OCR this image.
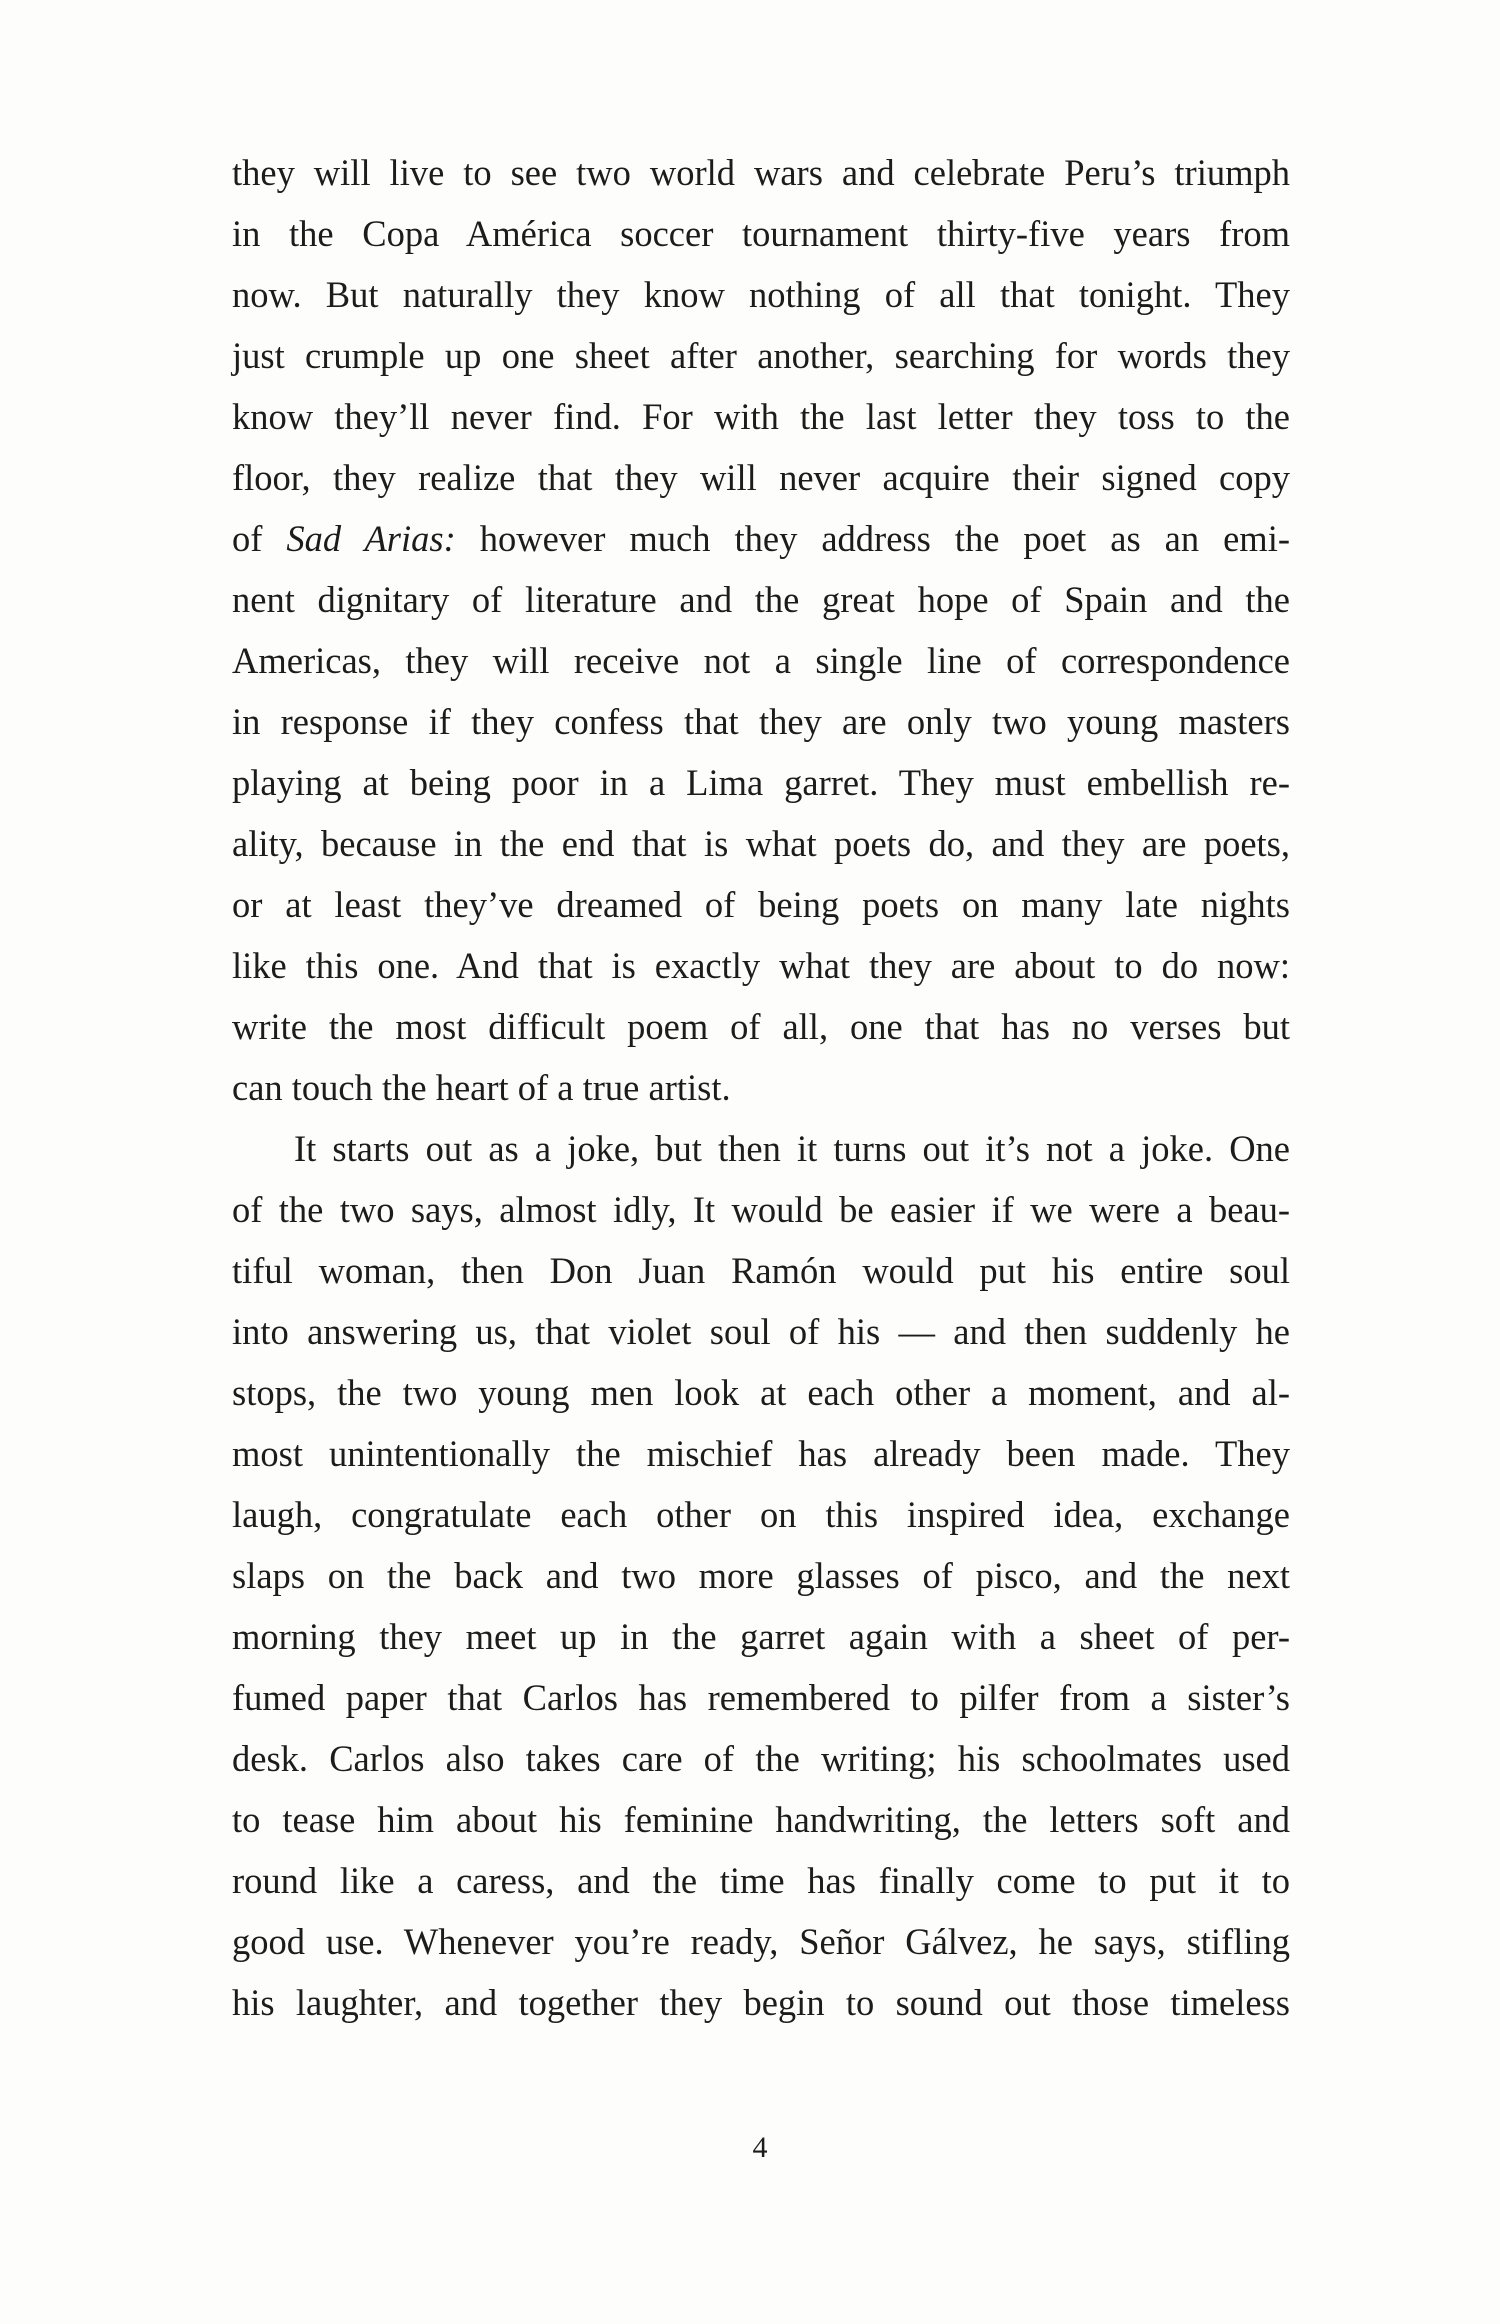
they will live to see two world wars and celebrate Peru’s triumph
in the Copa América soccer tournament thirty-five years from
now. But naturally they know nothing of all that tonight. They
just crumple up one sheet after another, searching for words they
know they’ll never find. For with the last letter they toss to the
floor, they realize that they will never acquire their signed copy
of Sad Arias: however much they address the poet as an emi-
nent dignitary of literature and the great hope of Spain and the
Americas, they will receive not a single line of correspondence
in response if they confess that they are only two young masters
playing at being poor in a Lima garret. They must embellish re-
ality, because in the end that is what poets do, and they are poets,
or at least they’ve dreamed of being poets on many late nights
like this one. And that is exactly what they are about to do now:
write the most difficult poem of all, one that has no verses but
can touch the heart of a true artist.
It starts out as a joke, but then it turns out it’s not a joke. One
of the two says, almost idly, It would be easier if we were a beau-
tiful woman, then Don Juan Ramón would put his entire soul
into answering us, that violet soul of his — and then suddenly he
stops, the two young men look at each other a moment, and al-
most unintentionally the mischief has already been made. They
laugh, congratulate each other on this inspired idea, exchange
slaps on the back and two more glasses of pisco, and the next
morning they meet up in the garret again with a sheet of per-
fumed paper that Carlos has remembered to pilfer from a sister’s
desk. Carlos also takes care of the writing; his schoolmates used
to tease him about his feminine handwriting, the letters soft and
round like a caress, and the time has finally come to put it to
good use. Whenever you’re ready, Señor Gálvez, he says, stifling
his laughter, and together they begin to sound out those timeless
4
